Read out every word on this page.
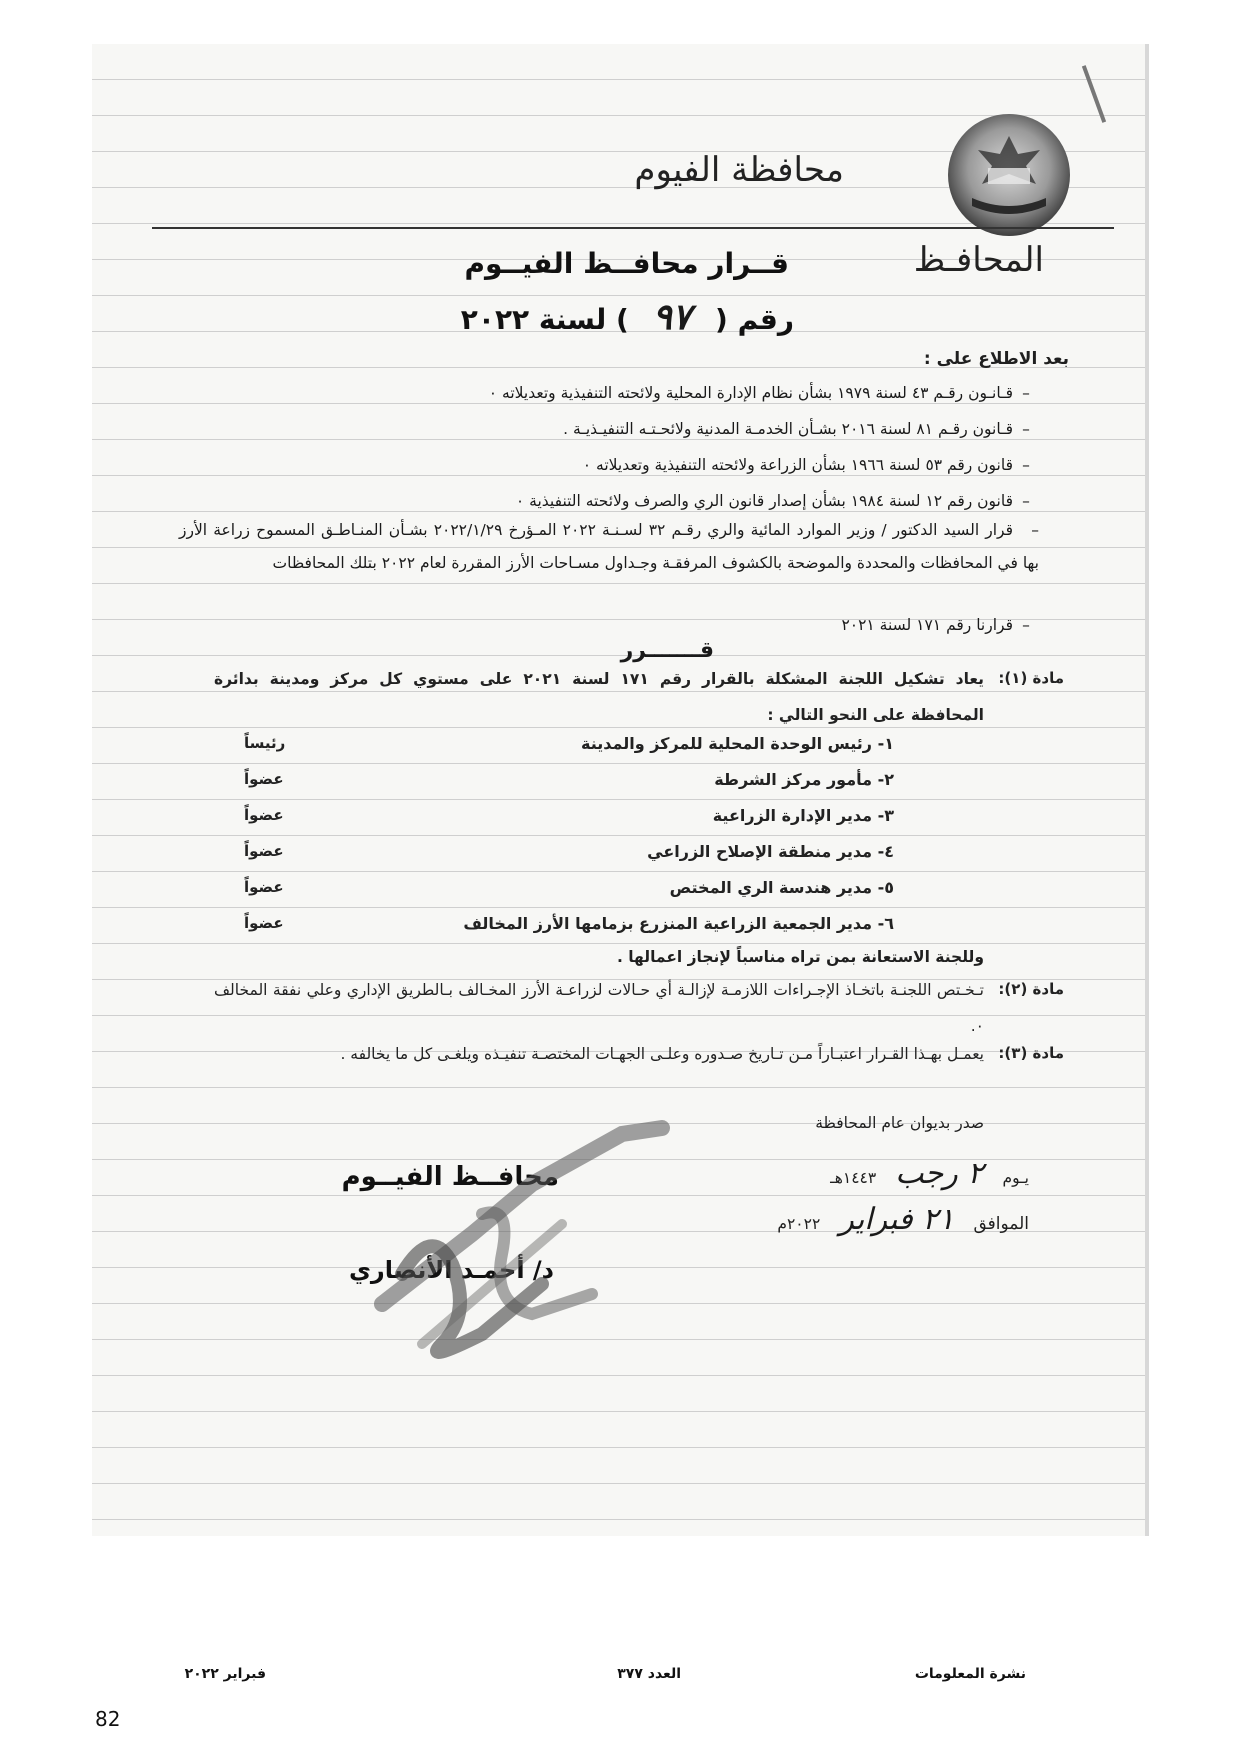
محافظة الفيوم
المحافـظ
قــرار محافــظ الفيــوم
رقم ( ٩٧ ) لسنة ٢٠٢٢
بعد الاطلاع على :
–قـانـون رقـم ٤٣ لسنة ١٩٧٩ بشأن نظام الإدارة المحلية ولائحته التنفيذية وتعديلاته ٠
–قـانون رقـم ٨١ لسنة ٢٠١٦ بشـأن الخدمـة المدنية ولائحـتـه التنفيـذيـة .
–قانون رقم ٥٣ لسنة ١٩٦٦ بشأن الزراعة ولائحته التنفيذية وتعديلاته ٠
–قانون رقم ١٢ لسنة ١٩٨٤ بشأن إصدار قانون الري والصرف ولائحته التنفيذية ٠
–قرار السيد الدكتور / وزير الموارد المائية والري رقـم ٣٢ لسـنـة ٢٠٢٢ المـؤرخ ٢٠٢٢/١/٢٩ بشـأن المنـاطـق المسموح زراعة الأرز بها في المحافظات والمحددة والموضحة بالكشوف المرفقـة وجـداول مسـاحات الأرز المقررة لعام ٢٠٢٢ بتلك المحافظات
–قرارنا رقم ١٧١ لسنة ٢٠٢١
قـــــــرر
مادة (١):
يعاد تشكيل اللجنة المشكلة بالقرار رقم ١٧١ لسنة ٢٠٢١ على مستوي كل مركز ومدينة بدائرة المحافظة على النحو التالي :
١- رئيس الوحدة المحلية للمركز والمدينة
رئيساً
٢- مأمور مركز الشرطة
عضواً
٣- مدير الإدارة الزراعية
عضواً
٤- مدير منطقة الإصلاح الزراعي
عضواً
٥- مدير هندسة الري المختص
عضواً
٦- مدير الجمعية الزراعية المنزرع بزمامها الأرز المخالف
عضواً
وللجنة الاستعانة بمن تراه مناسباً لإنجاز اعمالها .
مادة (٢):
تـخـتص اللجنـة باتخـاذ الإجـراءات اللازمـة لإزالـة أي حـالات لزراعـة الأرز المخـالف بـالطريق الإداري وعلي نفقة المخالف ٠.
مادة (٣):
يعمـل بهـذا القـرار اعتبـاراً مـن تـاريخ صـدوره وعلـى الجهـات المختصـة تنفيـذه ويلغـى كل ما يخالفه .
صدر بديوان عام المحافظة
يـوم ٢ رجب ١٤٤٣هـ
الموافق ٢١ فبراير ٢٠٢٢م
محافــظ الفيــوم
د/ أحمـد الأنصاري
نشرة المعلومات
العدد ٣٧٧
فبراير ٢٠٢٢
82
